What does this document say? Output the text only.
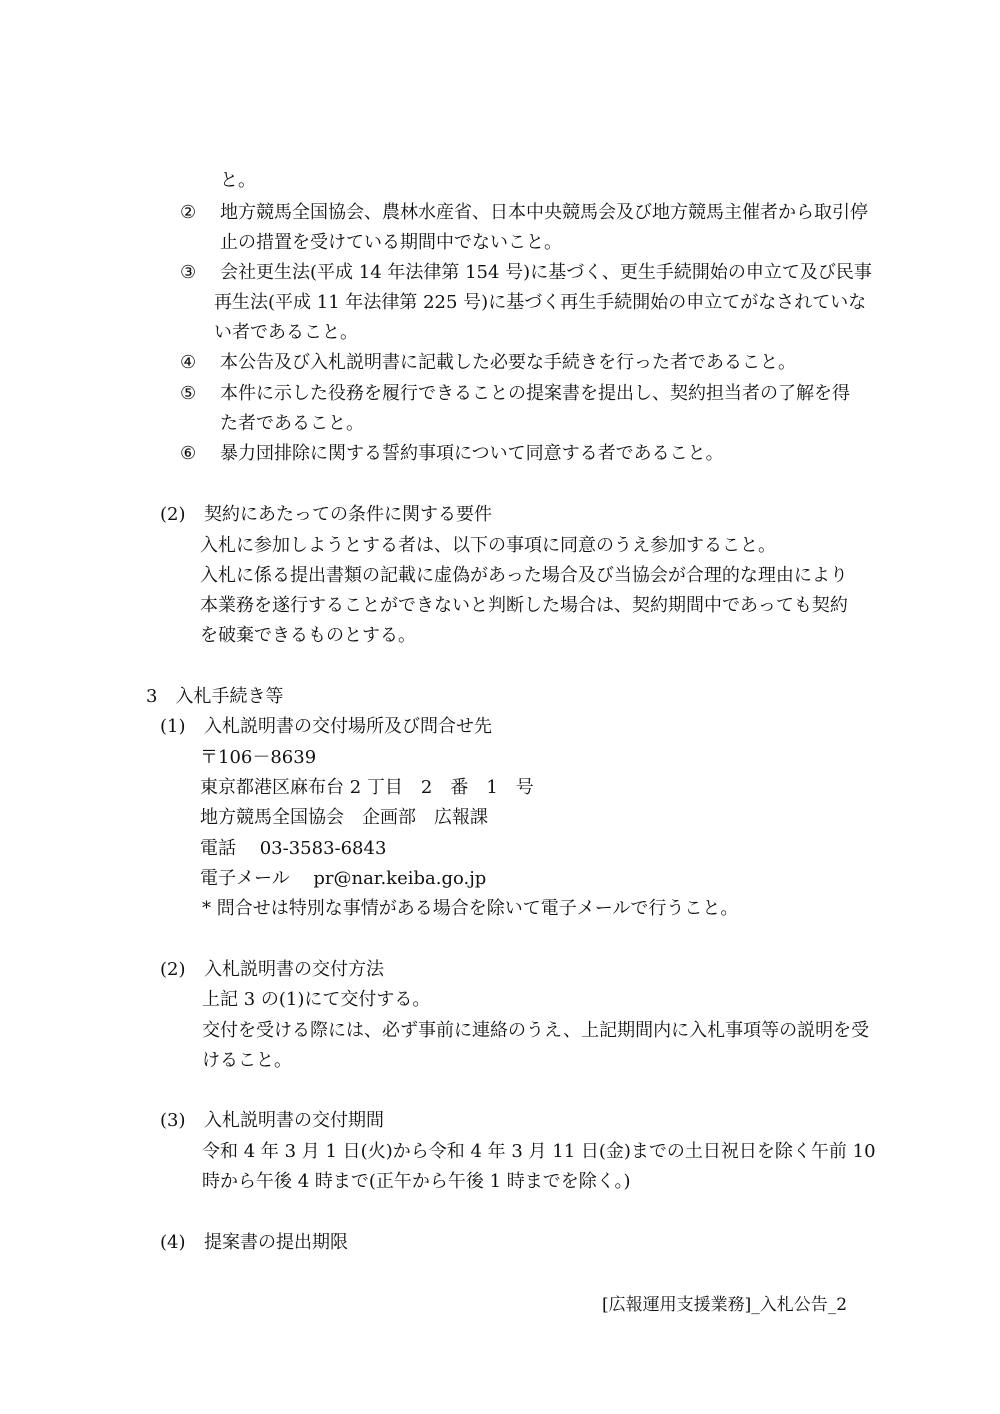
と。
② 地方競馬全国協会、農林水産省、日本中央競馬会及び地方競馬主催者から取引停
止の措置を受けている期間中でないこと。
③ 会社更生法(平成 14 年法律第 154 号)に基づく、更生手続開始の申立て及び民事
再生法(平成 11 年法律第 225 号)に基づく再生手続開始の申立てがなされていな
い者であること。
④ 本公告及び入札説明書に記載した必要な手続きを行った者であること。
⑤ 本件に示した役務を履行できることの提案書を提出し、契約担当者の了解を得
た者であること。
⑥ 暴力団排除に関する誓約事項について同意する者であること。
(2) 契約にあたっての条件に関する要件
入札に参加しようとする者は、以下の事項に同意のうえ参加すること。
入札に係る提出書類の記載に虚偽があった場合及び当協会が合理的な理由により
本業務を遂行することができないと判断した場合は、契約期間中であっても契約
を破棄できるものとする。
3　入札手続き等
(1) 入札説明書の交付場所及び問合せ先
〒106－8639
東京都港区麻布台 2 丁目　2　番　1　号
地方競馬全国協会　企画部　広報課
電話　 03-3583-6843
電子メール　 pr@nar.keiba.go.jp
* 問合せは特別な事情がある場合を除いて電子メールで行うこと。
(2) 入札説明書の交付方法
上記 3 の(1)にて交付する。
交付を受ける際には、必ず事前に連絡のうえ、上記期間内に入札事項等の説明を受
けること。
(3) 入札説明書の交付期間
令和 4 年 3 月 1 日(火)から令和 4 年 3 月 11 日(金)までの土日祝日を除く午前 10
時から午後 4 時まで(正午から午後 1 時までを除く。)
(4) 提案書の提出期限
[広報運用支援業務]_入札公告_2
